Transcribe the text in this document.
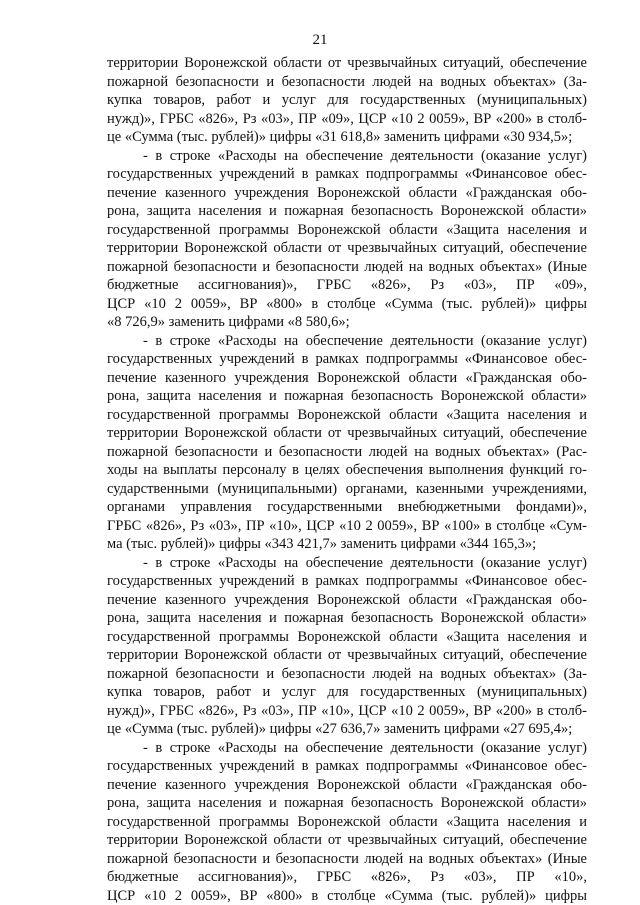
21
территории Воронежской области от чрезвычайных ситуаций, обеспечение
пожарной безопасности и безопасности людей на водных объектах» (За-
купка товаров, работ и услуг для государственных (муниципальных)
нужд)», ГРБС «826», Рз «03», ПР «09», ЦСР «10 2 0059», ВР «200» в столб-
це «Сумма (тыс. рублей)» цифры «31 618,8» заменить цифрами «30 934,5»;
- в строке «Расходы на обеспечение деятельности (оказание услуг)
государственных учреждений в рамках подпрограммы «Финансовое обес-
печение казенного учреждения Воронежской области «Гражданская обо-
рона, защита населения и пожарная безопасность Воронежской области»
государственной программы Воронежской области «Защита населения и
территории Воронежской области от чрезвычайных ситуаций, обеспечение
пожарной безопасности и безопасности людей на водных объектах» (Иные
бюджетные ассигнования)», ГРБС «826», Рз «03», ПР «09»,
ЦСР «10 2 0059», ВР «800» в столбце «Сумма (тыс. рублей)» цифры
«8 726,9» заменить цифрами «8 580,6»;
- в строке «Расходы на обеспечение деятельности (оказание услуг)
государственных учреждений в рамках подпрограммы «Финансовое обес-
печение казенного учреждения Воронежской области «Гражданская обо-
рона, защита населения и пожарная безопасность Воронежской области»
государственной программы Воронежской области «Защита населения и
территории Воронежской области от чрезвычайных ситуаций, обеспечение
пожарной безопасности и безопасности людей на водных объектах» (Рас-
ходы на выплаты персоналу в целях обеспечения выполнения функций го-
сударственными (муниципальными) органами, казенными учреждениями,
органами управления государственными внебюджетными фондами)»,
ГРБС «826», Рз «03», ПР «10», ЦСР «10 2 0059», ВР «100» в столбце «Сум-
ма (тыс. рублей)» цифры «343 421,7» заменить цифрами «344 165,3»;
- в строке «Расходы на обеспечение деятельности (оказание услуг)
государственных учреждений в рамках подпрограммы «Финансовое обес-
печение казенного учреждения Воронежской области «Гражданская обо-
рона, защита населения и пожарная безопасность Воронежской области»
государственной программы Воронежской области «Защита населения и
территории Воронежской области от чрезвычайных ситуаций, обеспечение
пожарной безопасности и безопасности людей на водных объектах» (За-
купка товаров, работ и услуг для государственных (муниципальных)
нужд)», ГРБС «826», Рз «03», ПР «10», ЦСР «10 2 0059», ВР «200» в столб-
це «Сумма (тыс. рублей)» цифры «27 636,7» заменить цифрами «27 695,4»;
- в строке «Расходы на обеспечение деятельности (оказание услуг)
государственных учреждений в рамках подпрограммы «Финансовое обес-
печение казенного учреждения Воронежской области «Гражданская обо-
рона, защита населения и пожарная безопасность Воронежской области»
государственной программы Воронежской области «Защита населения и
территории Воронежской области от чрезвычайных ситуаций, обеспечение
пожарной безопасности и безопасности людей на водных объектах» (Иные
бюджетные ассигнования)», ГРБС «826», Рз «03», ПР «10»,
ЦСР «10 2 0059», ВР «800» в столбце «Сумма (тыс. рублей)» цифры
